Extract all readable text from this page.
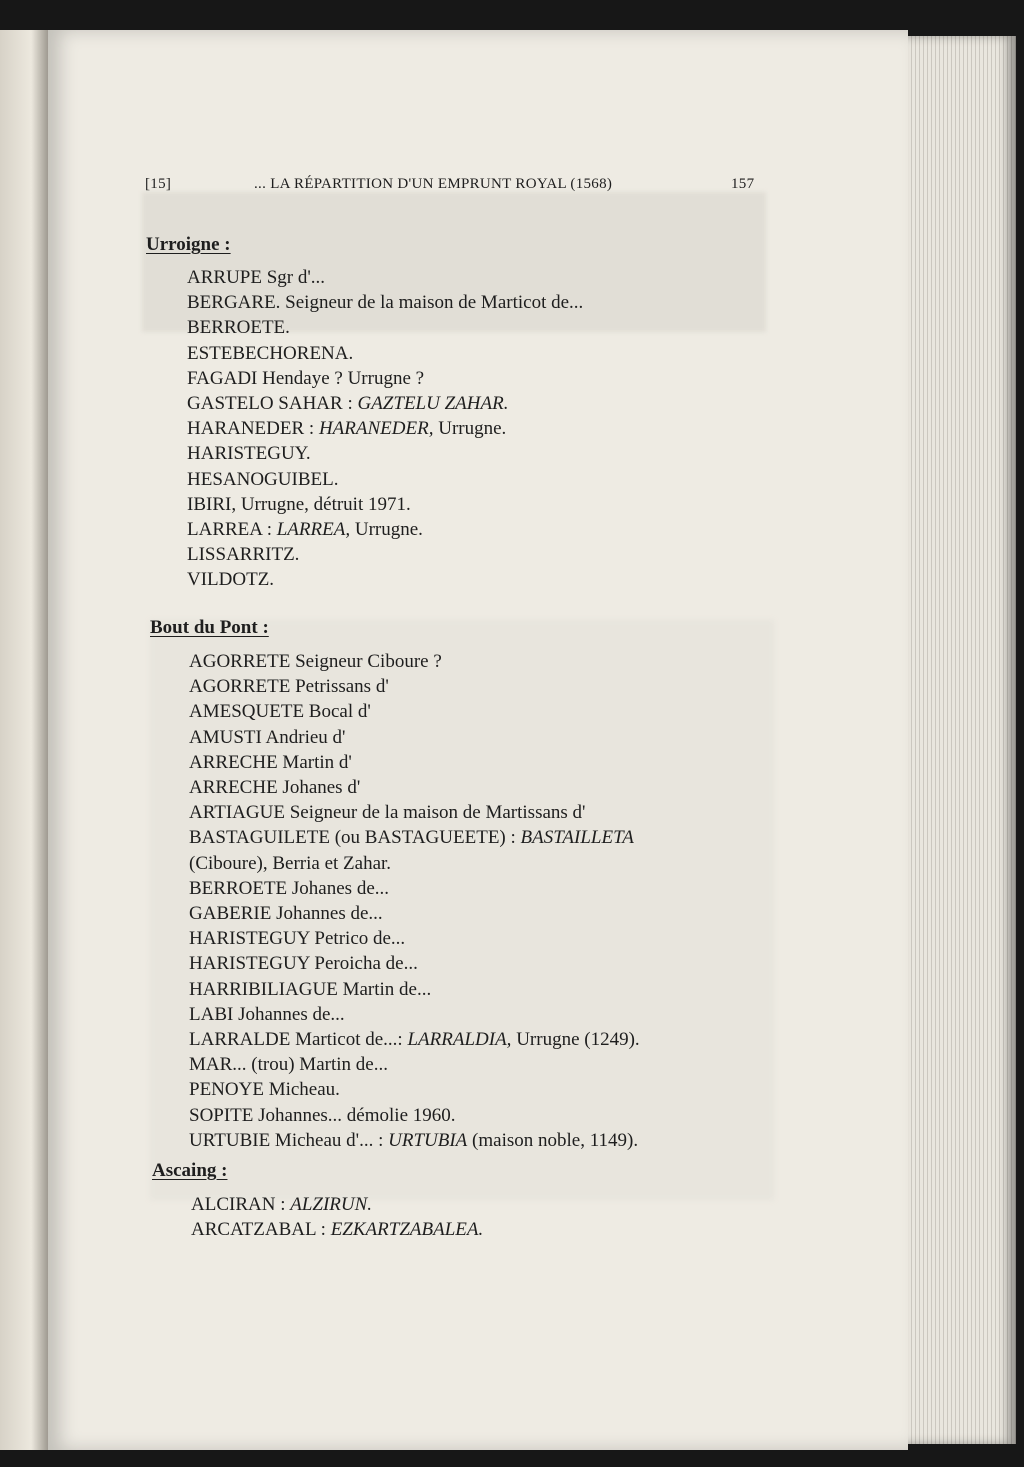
[15]	... LA RÉPARTITION D'UN EMPRUNT ROYAL (1568)	157
Urroigne :
ARRUPE Sgr d'...
BERGARE. Seigneur de la maison de Marticot de...
BERROETE.
ESTEBECHORENA.
FAGADI Hendaye ? Urrugne ?
GASTELO SAHAR : GAZTELU ZAHAR.
HARANEDER : HARANEDER, Urrugne.
HARISTEGUY.
HESANOGUIBEL.
IBIRI, Urrugne, détruit 1971.
LARREA : LARREA, Urrugne.
LISSARRITZ.
VILDOTZ.
Bout du Pont :
AGORRETE Seigneur Ciboure ?
AGORRETE Petrissans d'
AMESQUETE Bocal d'
AMUSTI Andrieu d'
ARRECHE Martin d'
ARRECHE Johanes d'
ARTIAGUE Seigneur de la maison de Martissans d'
BASTAGUILETE (ou BASTAGUEETE) : BASTAILLETA
(Ciboure), Berria et Zahar.
BERROETE Johanes de...
GABERIE Johannes de...
HARISTEGUY Petrico de...
HARISTEGUY Peroicha de...
HARRIBILIAGUE Martin de...
LABI Johannes de...
LARRALDE Marticot de...: LARRALDIA, Urrugne (1249).
MAR... (trou) Martin de...
PENOYE Micheau.
SOPITE Johannes... démolie 1960.
URTUBIE Micheau d'... : URTUBIA (maison noble, 1149).
Ascaing :
ALCIRAN : ALZIRUN.
ARCATZABAL : EZKARTZABALEA.
